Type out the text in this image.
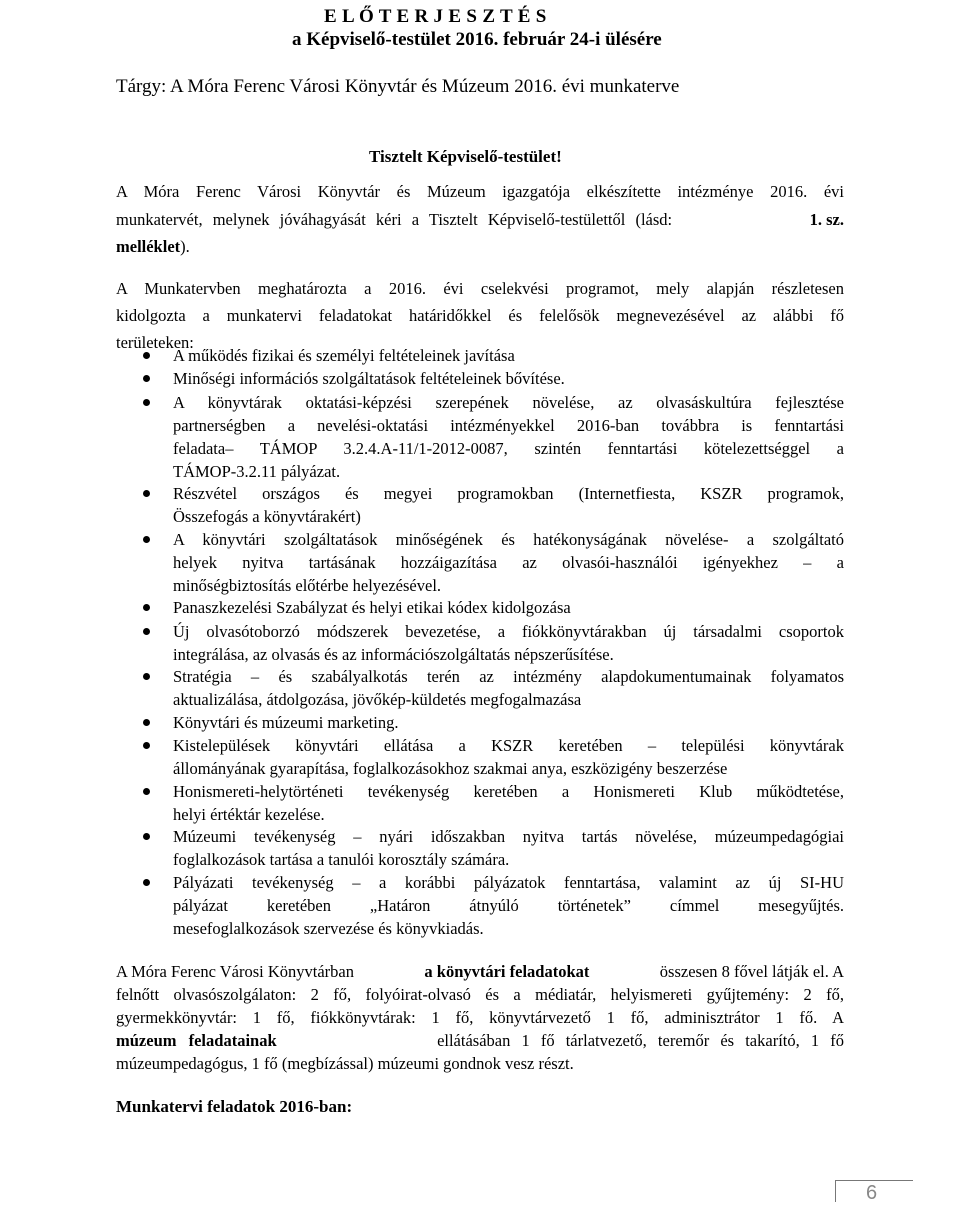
E L Ő T E R J E S Z T É S
a Képviselő-testület 2016. február 24-i ülésére
Tárgy: A Móra Ferenc Városi Könyvtár és Múzeum 2016. évi munkaterve
Tisztelt Képviselő-testület!
A Móra Ferenc Városi Könyvtár és Múzeum igazgatója elkészítette intézménye 2016. évi
munkatervét, melynek jóváhagyását kéri a Tisztelt Képviselő-testülettől (lásd:	1. sz.
melléklet).
A Munkatervben meghatározta a 2016. évi cselekvési programot, mely alapján részletesen
kidolgozta a munkatervi feladatokat határidőkkel és felelősök megnevezésével az alábbi fő
területeken:
A működés fizikai és személyi feltételeinek javítása
Minőségi információs szolgáltatások feltételeinek bővítése.
A könyvtárak oktatási-képzési szerepének növelése, az olvasáskultúra fejlesztése
partnerségben a nevelési-oktatási intézményekkel 2016-ban továbbra is fenntartási
feladata– TÁMOP 3.2.4.A-11/1-2012-0087, szintén fenntartási kötelezettséggel a
TÁMOP-3.2.11 pályázat.
Részvétel országos és megyei programokban (Internetfiesta, KSZR programok,
Összefogás a könyvtárakért)
A könyvtári szolgáltatások minőségének és hatékonyságának növelése- a szolgáltató
helyek nyitva tartásának hozzáigazítása az olvasói-használói igényekhez – a
minőségbiztosítás előtérbe helyezésével.
Panaszkezelési Szabályzat és helyi etikai kódex kidolgozása
Új olvasótoborzó módszerek bevezetése, a fiókkönyvtárakban új társadalmi csoportok
integrálása, az olvasás és az információszolgáltatás népszerűsítése.
Stratégia – és szabályalkotás terén az intézmény alapdokumentumainak folyamatos
aktualizálása, átdolgozása, jövőkép-küldetés megfogalmazása
Könyvtári és múzeumi marketing.
Kistelepülések könyvtári ellátása a KSZR keretében – települési könyvtárak
állományának gyarapítása, foglalkozásokhoz szakmai anya, eszközigény beszerzése
Honismereti-helytörténeti tevékenység keretében a Honismereti Klub működtetése,
helyi értéktár kezelése.
Múzeumi tevékenység – nyári időszakban nyitva tartás növelése, múzeumpedagógiai
foglalkozások tartása a tanulói korosztály számára.
Pályázati tevékenység – a korábbi pályázatok fenntartása, valamint az új SI-HU
pályázat keretében „Határon átnyúló történetek” címmel mesegyűjtés.
mesefoglalkozások szervezése és könyvkiadás.
A Móra Ferenc Városi Könyvtárban	a könyvtári feladatokat	összesen 8 fővel látják el. A
felnőtt olvasószolgálaton: 2 fő, folyóirat-olvasó és a médiatár, helyismereti gyűjtemény: 2 fő,
gyermekkönyvtár: 1 fő, fiókkönyvtárak: 1 fő, könyvtárvezető 1 fő, adminisztrátor 1 fő. A
múzeum feladatainak	ellátásában 1 fő tárlatvezető, teremőr és takarító, 1 fő
múzeumpedagógus, 1 fő (megbízással) múzeumi gondnok vesz részt.
Munkatervi feladatok 2016-ban:
6
